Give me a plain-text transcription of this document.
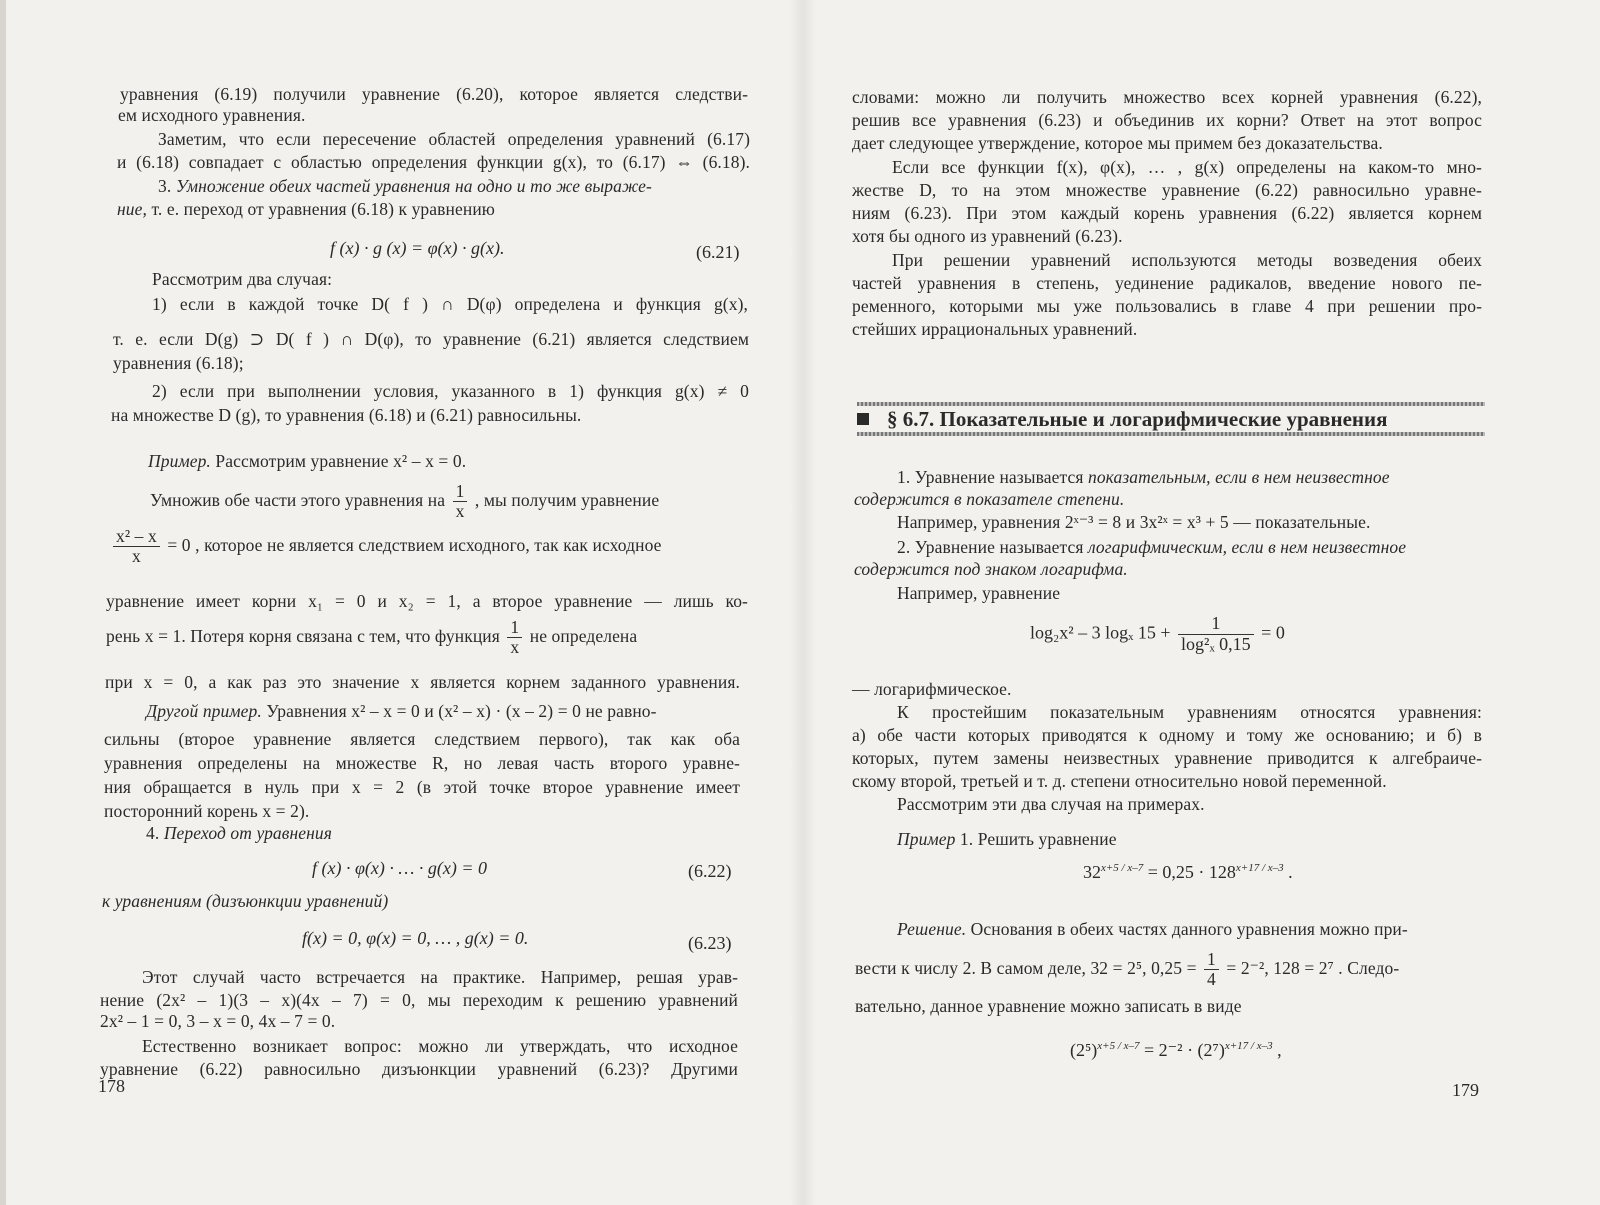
уравнения (6.19) получили уравнение (6.20), которое является следстви-
ем исходного уравнения.
Заметим, что если пересечение областей определения уравнений (6.17)
и (6.18) совпадает с областью определения функции g(x), то (6.17) ⇔ (6.18).
3. Умножение обеих частей уравнения на одно и то же выраже-
ние, т. е. переход от уравнения (6.18) к уравнению
f (x) · g (x) = φ(x) · g(x).	(6.21)
Рассмотрим два случая:
1) если в каждой точке D( f ) ∩ D(φ) определена и функция g(x),
т. е. если D(g) ⊃ D( f ) ∩ D(φ), то уравнение (6.21) является следствием
уравнения (6.18);
2) если при выполнении условия, указанного в 1) функция g(x) ≠ 0
на множестве D (g), то уравнения (6.18) и (6.21) равносильны.
Пример. Рассмотрим уравнение x² – x = 0.
Умножив обе части этого уравнения на $\frac{1}{x}$ , мы получим уравнение
$\frac{\text{x² – x}}{x} = 0$ , которое не является следствием исходного, так как исходное
уравнение имеет корни x₁ = 0 и x₂ = 1, а второе уравнение — лишь ко-
рень x = 1. Потеря корня связана с тем, что функция $\frac{1}{x}$ не определена
при x = 0, а как раз это значение x является корнем заданного уравнения.
Другой пример. Уравнения x² – x = 0 и (x² – x) · (x – 2) = 0 не равно-
сильны (второе уравнение является следствием первого), так как оба
уравнения определены на множестве R, но левая часть второго уравне-
ния обращается в нуль при x = 2 (в этой точке второе уравнение имеет
посторонний корень x = 2).
4. Переход от уравнения
f (x) · φ(x) · … · g(x) = 0	(6.22)
к уравнениям (дизъюнкции уравнений)
f(x) = 0, φ(x) = 0, … , g(x) = 0.	(6.23)
Этот случай часто встречается на практике. Например, решая урав-
нение (2x² – 1)(3 – x)(4x – 7) = 0, мы переходим к решению уравнений
2x² – 1 = 0, 3 – x = 0, 4x – 7 = 0.
Естественно возникает вопрос: можно ли утверждать, что исходное
уравнение (6.22) равносильно дизъюнкции уравнений (6.23)? Другими
178
словами: можно ли получить множество всех корней уравнения (6.22),
решив все уравнения (6.23) и объединив их корни? Ответ на этот вопрос
дает следующее утверждение, которое мы примем без доказательства.
Если все функции f(x), φ(x), … , g(x) определены на каком-то мно-
жестве D, то на этом множестве уравнение (6.22) равносильно уравне-
ниям (6.23). При этом каждый корень уравнения (6.22) является корнем
хотя бы одного из уравнений (6.23).
При решении уравнений используются методы возведения обеих
частей уравнения в степень, уединение радикалов, введение нового пе-
ременного, которыми мы уже пользовались в главе 4 при решении про-
стейших иррациональных уравнений.
§ 6.7. Показательные и логарифмические уравнения
1. Уравнение называется показательным, если в нем неизвестное
содержится в показателе степени.
Например, уравнения 2ˣ⁻³ = 8 и 3x²ˣ = x³ + 5 — показательные.
2. Уравнение называется логарифмическим, если в нем неизвестное
содержится под знаком логарифма.
Например, уравнение
log₂x² – 3 logₓ $15 + \frac{1}{\text{log²ₓ 0,15}} = 0$
— логарифмическое.
К простейшим показательным уравнениям относятся уравнения:
а) обе части которых приводятся к одному и тому же основанию; и б) в
которых, путем замены неизвестных уравнение приводится к алгебраиче-
скому второй, третьей и т. д. степени относительно новой переменной.
Рассмотрим эти два случая на примерах.
Пример 1. Решить уравнение
$32^{x+5 / x-7} = 0,25 \cdot 128^{x+17 / x-3}$ .
Решение. Основания в обеих частях данного уравнения можно при-
вести к числу 2. В самом деле, 32 = 2⁵, $0,25 = \frac{1}{4} = 2^{-2}$, 128 = 2⁷ . Следо-
вательно, данное уравнение можно записать в виде
$(2^5)^{x+5 / x-7} = 2^{-2} \cdot (2^7)^{x+17 / x-3}$ ,
179
